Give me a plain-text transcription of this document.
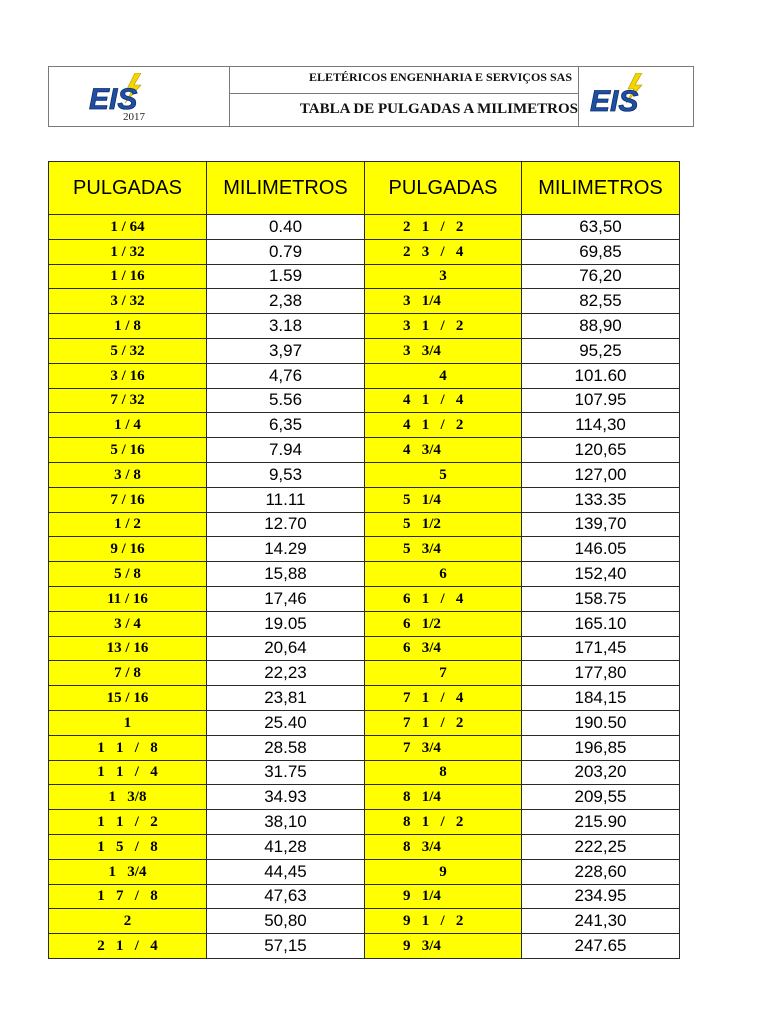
EIS
2017
ELETÉRICOS ENGENHARIA E SERVIÇOS SAS
TABLA DE PULGADAS A MILIMETROS EIS
PULGADAS	MILIMETROS	PULGADAS	MILIMETROS
1 / 64	0.40	2   1   /   2	63,50
1 / 32	0.79	2   3   /   4	69,85
1 / 16	1.59	3	76,20
3 / 32	2,38	3   1/4	82,55
1 / 8	3.18	3   1   /   2	88,90
5 / 32	3,97	3   3/4	95,25
3 / 16	4,76	4	101.60
7 / 32	5.56	4   1   /   4	107.95
1 / 4	6,35	4   1   /   2	114,30
5 / 16	7.94	4   3/4	120,65
3 / 8	9,53	5	127,00
7 / 16	11.11	5   1/4	133.35
1 / 2	12.70	5   1/2	139,70
9 / 16	14.29	5   3/4	146.05
5 / 8	15,88	6	152,40
11 / 16	17,46	6   1   /   4	158.75
3 / 4	19.05	6   1/2	165.10
13 / 16	20,64	6   3/4	171,45
7 / 8	22,23	7	177,80
15 / 16	23,81	7   1   /   4	184,15
1	25.40	7   1   /   2	190.50
1   1   /   8	28.58	7   3/4	196,85
1   1   /   4	31.75	8	203,20
1   3/8	34.93	8   1/4	209,55
1   1   /   2	38,10	8   1   /   2	215.90
1   5   /   8	41,28	8   3/4	222,25
1   3/4	44,45	9	228,60
1   7   /   8	47,63	9   1/4	234.95
2	50,80	9   1   /   2	241,30
2   1   /   4	57,15	9   3/4	247.65
